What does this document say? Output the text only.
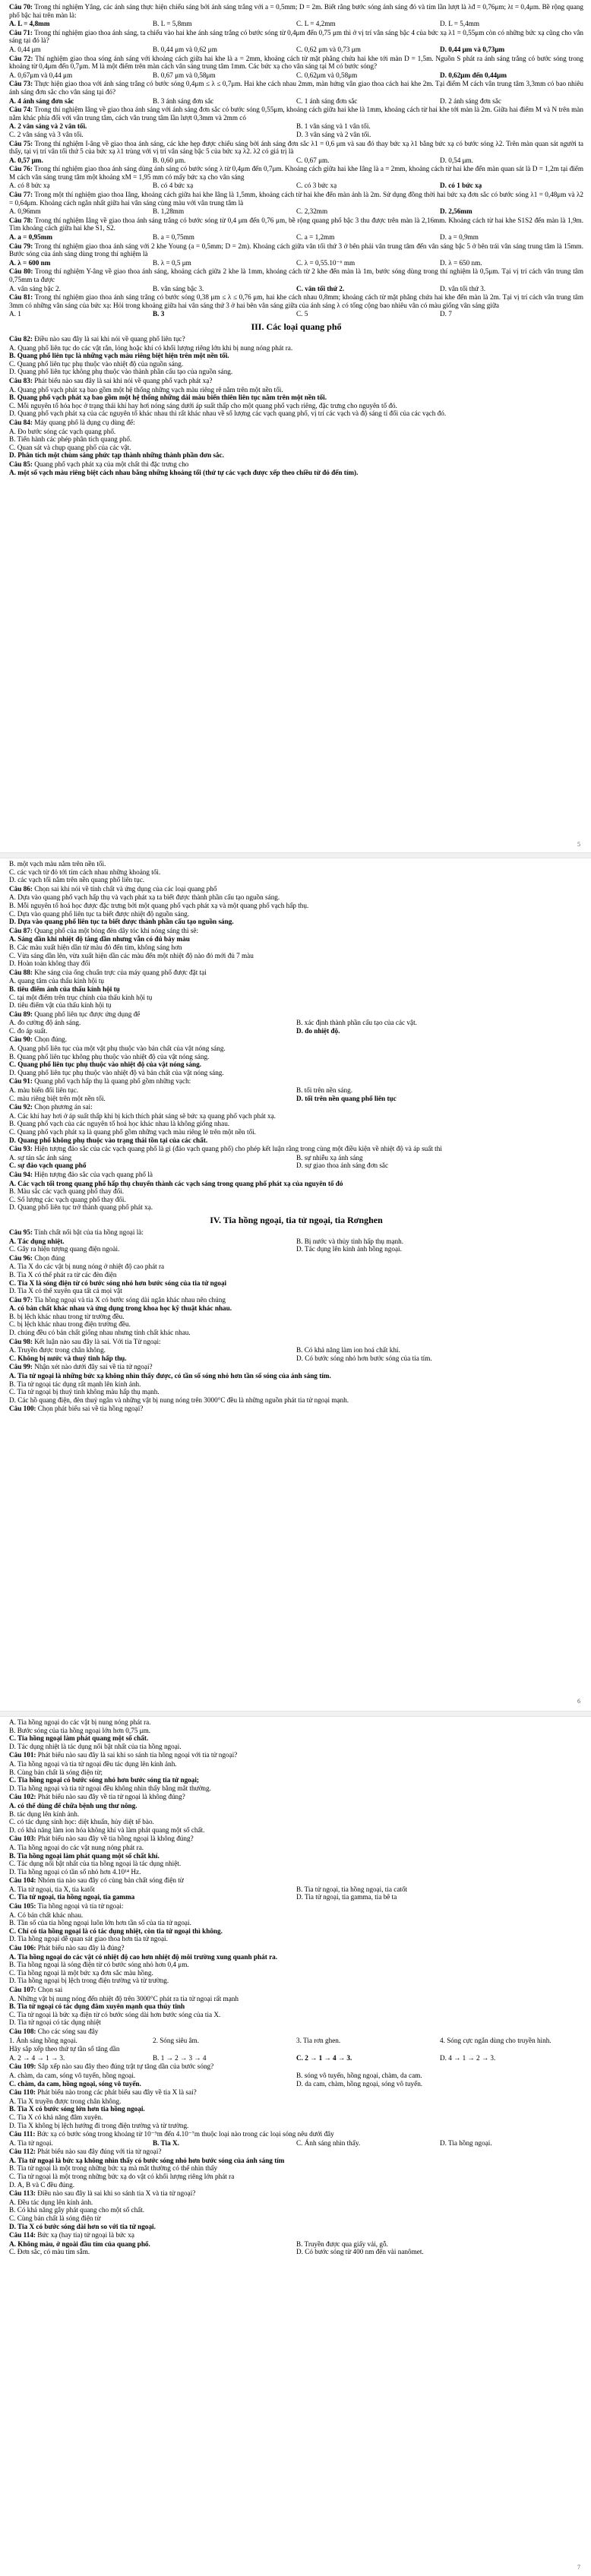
Câu 70: Trong thí nghiệm Yâng, các ánh sáng thực hiện chiếu sáng bởi ánh sáng trắng với a = 0,5mm; D = 2m. Biết rằng bước sóng ánh sáng đỏ và tím lần lượt là λđ = 0,76μm; λt = 0,4μm. Bề rộng quang phổ bậc hai trên màn là:
A. L = 4,8mm	B. L = 5,8mm	C. L = 4,2mm	D. L = 5,4mm
Câu 71: Trong thí nghiệm giao thoa ánh sáng, ta chiếu vào hai khe ánh sáng trắng có bước sóng từ 0,4μm đến 0,75 μm thì ở vị trí vân sáng bậc 4 của bức xạ λ1 = 0,55μm còn có những bức xạ cũng cho vân sáng tại đó là?
A. 0,44 μm	B. 0,44 μm và 0,62 μm	C. 0,62 μm và 0,73 μm	D. 0,44 μm và 0,73μm
Câu 72: Thí nghiệm giao thoa sóng ánh sáng với khoảng cách giữa hai khe là a = 2mm, khoảng cách từ mặt phẳng chứa hai khe tới màn D = 1,5m. Nguồn S phát ra ánh sáng trắng có bước sóng trong khoảng từ 0,4μm đến 0,7μm. M là một điểm trên màn cách vân sáng trung tâm 1mm. Các bức xạ cho vân sáng tại M có bước sóng?
A. 0,67μm và 0,44 μm	B. 0,67 μm và 0,58μm	C. 0,62μm và 0,58μm	D. 0,62μm đến 0,44μm
Câu 73: Thực hiện giao thoa với ánh sáng trắng có bước sóng 0,4μm ≤ λ ≤ 0,7μm. Hai khe cách nhau 2mm, màn hứng vân giao thoa cách hai khe 2m. Tại điểm M cách vân trung tâm 3,3mm có bao nhiêu ánh sáng đơn sắc cho vân sáng tại đó?
A. 4 ánh sáng đơn sắc	B. 3 ánh sáng đơn sắc	C. 1 ánh sáng đơn sắc	D. 2 ánh sáng đơn sắc
Câu 74: Trong thí nghiệm Iâng về giao thoa ánh sáng với ánh sáng đơn sắc có bước sóng 0,55μm, khoảng cách giữa hai khe là 1mm, khoảng cách từ hai khe tới màn là 2m. Giữa hai điểm M và N trên màn nằm khác phía đối với vân trung tâm, cách vân trung tâm lần lượt 0,3mm và 2mm có
A. 2 vân sáng và 2 vân tối.	B. 1 vân sáng và 1 vân tối.
C. 2 vân sáng và 3 vân tối.	D. 3 vân sáng và 2 vân tối.
Câu 75: Trong thí nghiệm I-âng về giao thoa ánh sáng, các khe hẹp được chiếu sáng bởi ánh sáng đơn sắc λ1 = 0,6 μm và sau đó thay bức xạ λ1 bằng bức xạ có bước sóng λ2. Trên màn quan sát người ta thấy, tại vị trí vân tối thứ 5 của bức xạ λ1 trùng với vị trí vân sáng bậc 5 của bức xạ λ2. λ2 có giá trị là
A. 0,57 μm.	B. 0,60 μm.	C. 0,67 μm.	D. 0,54 μm.
Câu 76: Trong thí nghiệm giao thoa ánh sáng dùng ánh sáng có bước sóng λ từ 0,4μm đến 0,7μm. Khoảng cách giữa hai khe Iâng là a = 2mm, khoảng cách từ hai khe đến màn quan sát là D = 1,2m tại điểm M cách vân sáng trung tâm một khoảng xM = 1,95 mm có mấy bức xạ cho vân sáng
A. có 8 bức xạ	B. có 4 bức xạ	C. có 3 bức xạ	D. có 1 bức xạ
Câu 77: Trong một thí nghiệm giao thoa Iâng, khoảng cách giữa hai khe Iâng là 1,5mm, khoảng cách từ hai khe đến màn ảnh là 2m. Sử dụng đồng thời hai bức xạ đơn sắc có bước sóng λ1 = 0,48μm và λ2 = 0,64μm. Khoảng cách ngắn nhất giữa hai vân sáng cùng màu với vân trung tâm là
A. 0,96mm	B. 1,28mm	C. 2,32mm	D. 2,56mm
Câu 78: Trong thí nghiệm Iâng về giao thoa ánh sáng trắng có bước sóng từ 0,4 μm đến 0,76 μm, bề rộng quang phổ bậc 3 thu được trên màn là 2,16mm. Khoảng cách từ hai khe S1S2 đến màn là 1,9m. Tìm khoảng cách giữa hai khe S1, S2.
A. a = 0,95mm	B. a = 0,75mm	C. a = 1,2mm	D. a = 0,9mm
Câu 79: Trong thí nghiệm giao thoa ánh sáng với 2 khe Young (a = 0,5mm; D = 2m). Khoảng cách giữa vân tối thứ 3 ở bên phải vân trung tâm đến vân sáng bậc 5 ở bên trái vân sáng trung tâm là 15mm. Bước sóng của ánh sáng dùng trong thí nghiệm là
A. λ = 600 nm	B. λ = 0,5 μm	C. λ = 0,55.10⁻⁶ mm	D. λ = 650 nm.
Câu 80: Trong thí nghiệm Y-âng về giao thoa ánh sáng, khoảng cách giữa 2 khe là 1mm, khoảng cách từ 2 khe đến màn là 1m, bước sóng dùng trong thí nghiệm là 0,5μm. Tại vị trí cách vân trung tâm 0,75mm ta được
A. vân sáng bậc 2.	B. vân sáng bậc 3.	C. vân tối thứ 2.	D. vân tối thứ 3.
Câu 81: Trong thí nghiệm giao thoa ánh sáng trắng có bước sóng 0,38 μm ≤ λ ≤ 0,76 μm, hai khe cách nhau 0,8mm; khoảng cách từ mặt phẳng chứa hai khe đến màn là 2m. Tại vị trí cách vân trung tâm 3mm có những vân sáng của bức xạ: Hỏi trong khoảng giữa hai vân sáng thứ 3 ở hai bên vân sáng giữa của ánh sáng λ có tổng cộng bao nhiêu vân có màu giống vân sáng giữa
A. 1	B. 3	C. 5	D. 7
III. Các loại quang phổ
Câu 82: Điều nào sau đây là sai khi nói về quang phổ liên tục?
A. Quang phổ liên tục do các vật rắn, lỏng hoặc khí có khối lượng riêng lớn khi bị nung nóng phát ra.
B. Quang phổ liên tục là những vạch màu riêng biệt hiện trên một nền tối.
C. Quang phổ liên tục phụ thuộc vào nhiệt độ của nguồn sáng.
D. Quang phổ liên tục không phụ thuộc vào thành phần cấu tạo của nguồn sáng.
Câu 83: Phát biểu nào sau đây là sai khi nói về quang phổ vạch phát xạ?
A. Quang phổ vạch phát xạ bao gồm một hệ thống những vạch màu riêng rẽ nằm trên một nền tối.
B. Quang phổ vạch phát xạ bao gồm một hệ thống những dải màu biến thiên liên tục nằm trên một nền tối.
C. Mỗi nguyên tố hóa học ở trạng thái khí hay hơi nóng sáng dưới áp suất thấp cho một quang phổ vạch riêng, đặc trưng cho nguyên tố đó.
D. Quang phổ vạch phát xạ của các nguyên tố khác nhau thì rất khác nhau về số lượng các vạch quang phổ, vị trí các vạch và độ sáng tỉ đối của các vạch đó.
Câu 84: Máy quang phổ là dụng cụ dùng để:
A. Đo bước sóng các vạch quang phổ.
B. Tiến hành các phép phân tích quang phổ.
C. Quan sát và chụp quang phổ của các vật.
D. Phân tích một chùm sáng phức tạp thành những thành phần đơn sắc.
Câu 85: Quang phổ vạch phát xạ của một chất thì đặc trưng cho
A. một số vạch màu riêng biệt cách nhau bằng những khoảng tối (thứ tự các vạch được xếp theo chiều từ đỏ đến tím).
5
B. một vạch màu nằm trên nền tối.
C. các vạch từ đỏ tới tím cách nhau những khoảng tối.
D. các vạch tối nằm trên nền quang phổ liên tục.
Câu 86: Chọn sai khi nói về tính chất và ứng dụng của các loại quang phổ
A. Dựa vào quang phổ vạch hấp thụ và vạch phát xạ ta biết được thành phần cấu tạo nguồn sáng.
B. Mỗi nguyên tố hoá học được đặc trưng bởi một quang phổ vạch phát xạ và một quang phổ vạch hấp thụ.
C. Dựa vào quang phổ liên tục ta biết được nhiệt độ nguồn sáng.
D. Dựa vào quang phổ liên tục ta biết được thành phần cấu tạo nguồn sáng.
Câu 87: Quang phổ của một bóng đèn dây tóc khi nóng sáng thì sẽ:
A. Sáng dần khi nhiệt độ tăng dần nhưng vẫn có đủ bảy màu
B. Các màu xuất hiện dần từ màu đỏ đến tím, không sáng hơn
C. Vừa sáng dần lên, vừa xuất hiện dần các màu đến một nhiệt độ nào đó mới đủ 7 màu
D. Hoàn toàn không thay đổi
Câu 88: Khe sáng của ống chuẩn trực của máy quang phổ được đặt tại
A. quang tâm của thấu kính hội tụ
B. tiêu điểm ảnh của thấu kính hội tụ
C. tại một điểm trên trục chính của thấu kính hội tụ
D. tiêu điểm vật của thấu kính hội tụ
Câu 89: Quang phổ liên tục được ứng dụng để
A. đo cường độ ánh sáng.	B. xác định thành phần cấu tạo của các vật.
C. đo áp suất.	D. đo nhiệt độ.
Câu 90: Chọn đúng.
A. Quang phổ liên tục của một vật phụ thuộc vào bản chất của vật nóng sáng.
B. Quang phổ liên tục không phụ thuộc vào nhiệt độ của vật nóng sáng.
C. Quang phổ liên tục phụ thuộc vào nhiệt độ của vật nóng sáng.
D. Quang phổ liên tục phụ thuộc vào nhiệt độ và bản chất của vật nóng sáng.
Câu 91: Quang phổ vạch hấp thụ là quang phổ gồm những vạch:
A. màu biến đổi liên tục.	B. tối trên nền sáng.
C. màu riêng biệt trên một nền tối.	D. tối trên nền quang phổ liên tục
Câu 92: Chọn phương án sai:
A. Các khí hay hơi ở áp suất thấp khi bị kích thích phát sáng sẽ bức xạ quang phổ vạch phát xạ.
B. Quang phổ vạch của các nguyên tố hoá học khác nhau là không giống nhau.
C. Quang phổ vạch phát xạ là quang phổ gồm những vạch màu riêng lẻ trên một nền tối.
D. Quang phổ không phụ thuộc vào trạng thái tồn tại của các chất.
Câu 93: Hiện tượng đảo sắc của các vạch quang phổ là gì (đảo vạch quang phổ) cho phép kết luận rằng trong cùng một điều kiện về nhiệt độ và áp suất thì
A. sự tán sắc ánh sáng	B. sự nhiễu xạ ánh sáng
C. sự đảo vạch quang phổ	D. sự giao thoa ánh sáng đơn sắc
Câu 94: Hiện tượng đảo sắc của vạch quang phổ là
A. Các vạch tối trong quang phổ hấp thụ chuyển thành các vạch sáng trong quang phổ phát xạ của nguyên tố đó
B. Màu sắc các vạch quang phổ thay đổi.
C. Số lượng các vạch quang phổ thay đổi.
D. Quang phổ liên tục trở thành quang phổ phát xạ.
IV. Tia hồng ngoại, tia tử ngoại, tia Rơnghen
Câu 95: Tính chất nổi bật của tia hồng ngoại là:
A. Tác dụng nhiệt.	B. Bị nước và thủy tinh hấp thụ mạnh.
C. Gây ra hiện tượng quang điện ngoài.	D. Tác dụng lên kính ảnh hồng ngoại.
Câu 96: Chọn đúng
A. Tia X do các vật bị nung nóng ở nhiệt độ cao phát ra
B. Tia X có thể phát ra từ các đèn điện
C. Tia X là sóng điện từ có bước sóng nhỏ hơn bước sóng của tia tử ngoại
D. Tia X có thể xuyên qua tất cả mọi vật
Câu 97: Tia hồng ngoại và tia X có bước sóng dài ngắn khác nhau nên chúng
A. có bản chất khác nhau và ứng dụng trong khoa học kỹ thuật khác nhau.
B. bị lệch khác nhau trong từ trường đều.
C. bị lệch khác nhau trong điện trường đều.
D. chúng đều có bản chất giống nhau nhưng tính chất khác nhau.
Câu 98: Kết luận nào sau đây là sai. Với tia Tử ngoại:
A. Truyền được trong chân không.	B. Có khả năng làm ion hoá chất khí.
C. Không bị nước và thuỷ tinh hấp thụ.	D. Có bước sóng nhỏ hơn bước sóng của tia tím.
Câu 99: Nhận xét nào dưới đây sai về tia tử ngoại?
A. Tia tử ngoại là những bức xạ không nhìn thấy được, có tần số sóng nhỏ hơn tần số sóng của ánh sáng tím.
B. Tia tử ngoại tác dụng rất mạnh lên kính ảnh.
C. Tia tử ngoại bị thuỷ tinh không màu hấp thụ mạnh.
D. Các hồ quang điện, đèn thuỷ ngân và những vật bị nung nóng trên 3000°C đều là những nguồn phát tia tử ngoại mạnh.
Câu 100: Chọn phát biểu sai về tia hồng ngoại?
6
A. Tia hồng ngoại do các vật bị nung nóng phát ra.
B. Bước sóng của tia hồng ngoại lớn hơn 0,75 μm.
C. Tia hồng ngoại làm phát quang một số chất.
D. Tác dụng nhiệt là tác dụng nổi bật nhất của tia hồng ngoại.
Câu 101: Phát biểu nào sau đây là sai khi so sánh tia hồng ngoại với tia tử ngoại?
A. Tia hồng ngoại và tia tử ngoại đều tác dụng lên kính ảnh.
B. Cùng bản chất là sóng điện từ;
C. Tia hồng ngoại có bước sóng nhỏ hơn bước sóng tia tử ngoại;
D. Tia hồng ngoại và tia tử ngoại đều không nhìn thấy bằng mắt thường.
Câu 102: Phát biểu nào sau đây về tia tử ngoại là không đúng?
A. có thể dùng để chữa bệnh ung thư nông.
B. tác dụng lên kính ảnh.
C. có tác dụng sinh học: diệt khuẩn, hủy diệt tế bào.
D. có khả năng làm ion hóa không khí và làm phát quang một số chất.
Câu 103: Phát biểu nào sau đây về tia hồng ngoại là không đúng?
A. Tia hồng ngoại do các vật nung nóng phát ra.
B. Tia hồng ngoại làm phát quang một số chất khí.
C. Tác dụng nổi bật nhất của tia hồng ngoại là tác dụng nhiệt.
D. Tia hồng ngoại có tần số nhỏ hơn 4.10¹⁴ Hz.
Câu 104: Nhóm tia nào sau đây có cùng bản chất sóng điện từ
A. Tia tử ngoại, tia X, tia katốt	B. Tia tử ngoại, tia hồng ngoại, tia catốt
C. Tia tử ngoại, tia hồng ngoại, tia gamma	D. Tia tử ngoại, tia gamma, tia bê ta
Câu 105: Tia hồng ngoại và tia tử ngoại:
A. Có bản chất khác nhau.
B. Tần số của tia hồng ngoại luôn lớn hơn tần số của tia tử ngoại.
C. Chỉ có tia hồng ngoại là có tác dụng nhiệt, còn tia tử ngoại thì không.
D. Tia hồng ngoại dễ quan sát giao thoa hơn tia tử ngoại.
Câu 106: Phát biểu nào sau đây là đúng?
A. Tia hồng ngoại do các vật có nhiệt độ cao hơn nhiệt độ môi trường xung quanh phát ra.
B. Tia hồng ngoại là sóng điện từ có bước sóng nhỏ hơn 0,4 μm.
C. Tia hồng ngoại là một bức xạ đơn sắc màu hồng.
D. Tia hồng ngoại bị lệch trong điện trường và từ trường.
Câu 107: Chọn sai
A. Những vật bị nung nóng đến nhiệt độ trên 3000°C phát ra tia tử ngoại rất mạnh
B. Tia tử ngoại có tác dụng đâm xuyên mạnh qua thủy tinh
C. Tia tử ngoại là bức xạ điện từ có bước sóng dài hơn bước sóng của tia X.
D. Tia tử ngoại có tác dụng nhiệt
Câu 108: Cho các sóng sau đây
1. Ánh sáng hồng ngoại.	2. Sóng siêu âm.	3. Tia rơn ghen.	4. Sóng cực ngắn dùng cho truyền hình.
Hãy sắp xếp theo thứ tự tần số tăng dần
A. 2 → 4 → 1 → 3.	B. 1 → 2 → 3 → 4	C. 2 → 1 → 4 → 3.	D. 4 → 1 → 2 → 3.
Câu 109: Sắp xếp nào sau đây theo đúng trật tự tăng dần của bước sóng?
A. chàm, da cam, sóng vô tuyến, hồng ngoại.	B. sóng vô tuyến, hồng ngoại, chàm, da cam.
C. chàm, da cam, hồng ngoại, sóng vô tuyến.	D. da cam, chàm, hồng ngoại, sóng vô tuyến.
Câu 110: Phát biểu nào trong các phát biểu sau đây về tia X là sai?
A. Tia X truyền được trong chân không.
B. Tia X có bước sóng lớn hơn tia hồng ngoại.
C. Tia X có khả năng đâm xuyên.
D. Tia X không bị lệch hướng đi trong điện trường và từ trường.
Câu 111: Bức xạ có bước sóng trong khoảng từ 10⁻⁹m đến 4.10⁻⁷m thuộc loại nào trong các loại sóng nêu dưới đây
A. Tia tử ngoại.	B. Tia X.	C. Ánh sáng nhìn thấy.	D. Tia hồng ngoại.
Câu 112: Phát biểu nào sau đây đúng với tia tử ngoại?
A. Tia tử ngoại là bức xạ không nhìn thấy có bước sóng nhỏ hơn bước sóng của ánh sáng tím
B. Tia tử ngoại là một trong những bức xạ mà mắt thường có thể nhìn thấy
C. Tia tử ngoại là một trong những bức xạ do vật có khối lượng riêng lớn phát ra
D. A, B và C đều đúng.
Câu 113: Điều nào sau đây là sai khi so sánh tia X và tia tử ngoại?
A. Đều tác dụng lên kính ảnh.
B. Có khả năng gây phát quang cho một số chất.
C. Cùng bản chất là sóng điện từ
D. Tia X có bước sóng dài hơn so với tia tử ngoại.
Câu 114: Bức xạ (hay tia) tử ngoại là bức xạ
A. Không màu, ở ngoài đầu tím của quang phổ.	B. Truyền được qua giấy vải, gỗ.
C. Đơn sắc, có màu tím sẫm.	D. Có bước sóng từ 400 nm đến vài nanômet.
7
